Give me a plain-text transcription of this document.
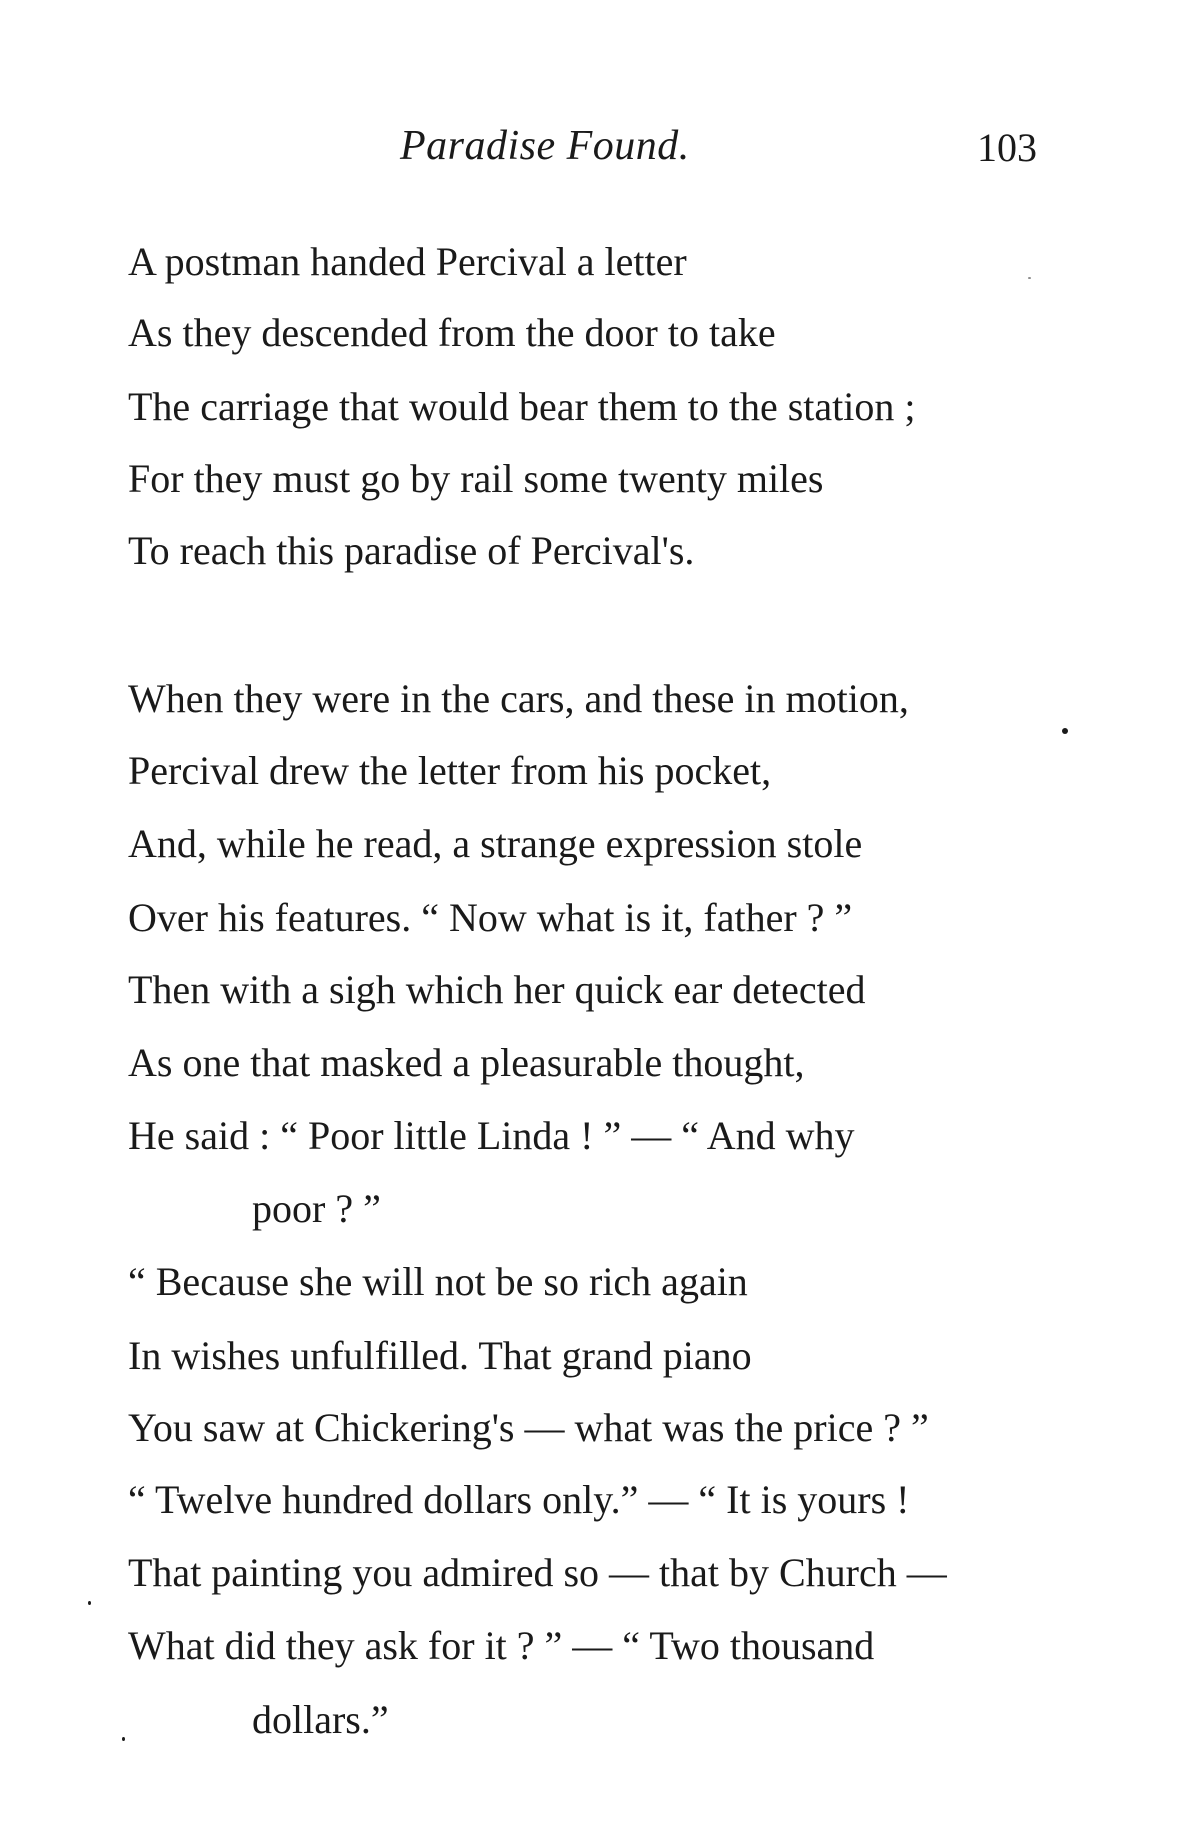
Paradise Found.	103
A postman handed Percival a letter
As they descended from the door to take
The carriage that would bear them to the station ;
For they must go by rail some twenty miles
To reach this paradise of Percival's.
When they were in the cars, and these in motion,
Percival drew the letter from his pocket,
And, while he read, a strange expression stole
Over his features. “ Now what is it, father ? ”
Then with a sigh which her quick ear detected
As one that masked a pleasurable thought,
He said : “ Poor little Linda ! ” — “ And why
poor ? ”
“ Because she will not be so rich again
In wishes unfulfilled. That grand piano
You saw at Chickering's — what was the price ? ”
“ Twelve hundred dollars only.” — “ It is yours !
That painting you admired so — that by Church —
What did they ask for it ? ” — “ Two thousand
dollars.”
